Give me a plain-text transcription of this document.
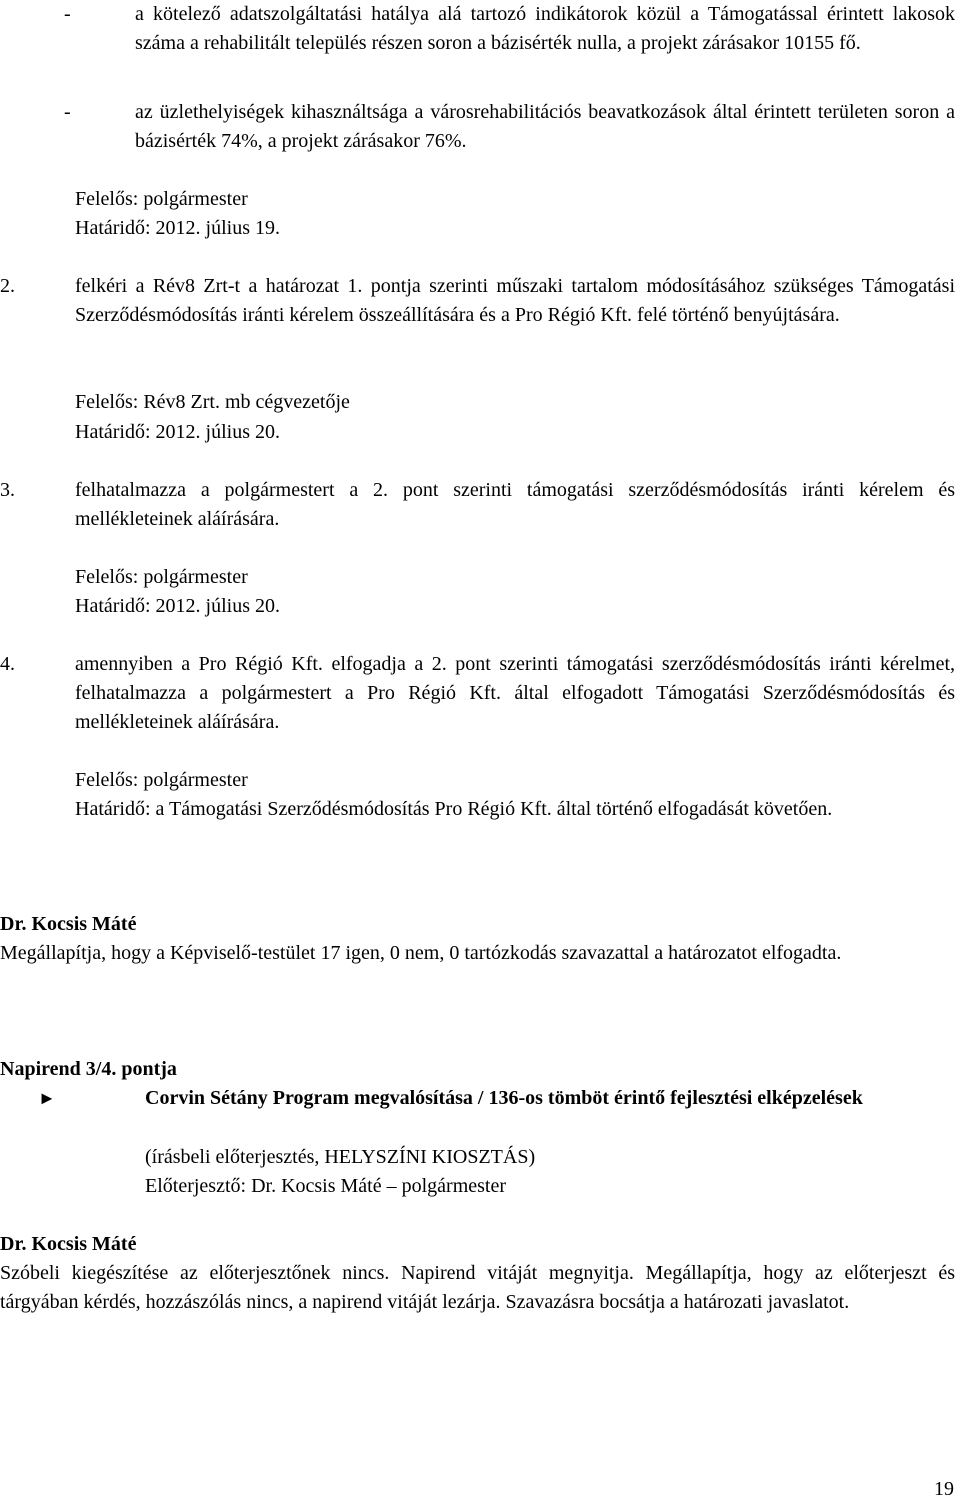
-	a kötelező adatszolgáltatási hatálya alá tartozó indikátorok közül a Támogatással érintett lakosok száma a rehabilitált település részen soron a bázisérték nulla, a projekt zárásakor 10155 fő.

-	az üzlethelyiségek kihasználtsága a városrehabilitációs beavatkozások által érintett területen soron a bázisérték 74%, a projekt zárásakor 76%.

Felelős: polgármester

Határidő: 2012. július 19.

2.	felkéri a Rév8 Zrt-t a határozat 1. pontja szerinti műszaki tartalom módosításához szükséges Támogatási Szerződésmódosítás iránti kérelem összeállítására és a Pro Régió Kft. felé történő benyújtására.

Felelős: Rév8 Zrt. mb cégvezetője

Határidő: 2012. július 20.

3.	felhatalmazza a polgármestert a 2. pont szerinti támogatási szerződésmódosítás iránti kérelem és mellékleteinek aláírására.

Felelős: polgármester

Határidő: 2012. július 20.

4.	amennyiben a Pro Régió Kft. elfogadja a 2. pont szerinti támogatási szerződésmódosítás iránti kérelmet, felhatalmazza a polgármestert a Pro Régió Kft. által elfogadott Támogatási Szerződésmódosítás és mellékleteinek aláírására.

Felelős: polgármester

Határidő: a Támogatási Szerződésmódosítás Pro Régió Kft. által történő elfogadását követően.

Dr. Kocsis Máté

Megállapítja, hogy a Képviselő-testület 17 igen, 0 nem, 0 tartózkodás szavazattal a határozatot elfogadta.

Napirend 3/4. pontja

►	Corvin Sétány Program megvalósítása / 136-os tömböt érintő fejlesztési elképzelések

(írásbeli előterjesztés, HELYSZÍNI KIOSZTÁS)

Előterjesztő: Dr. Kocsis Máté – polgármester

Dr. Kocsis Máté

Szóbeli kiegészítése az előterjesztőnek nincs. Napirend vitáját megnyitja. Megállapítja, hogy az előterjeszt és tárgyában kérdés, hozzászólás nincs, a napirend vitáját lezárja. Szavazásra bocsátja a határozati javaslatot.

19
